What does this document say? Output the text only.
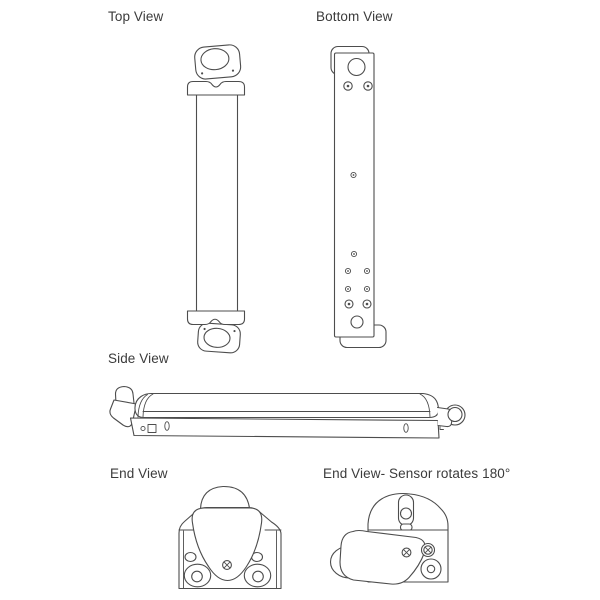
Top View	Bottom View
Side View
End View	End View- Sensor rotates 180°
